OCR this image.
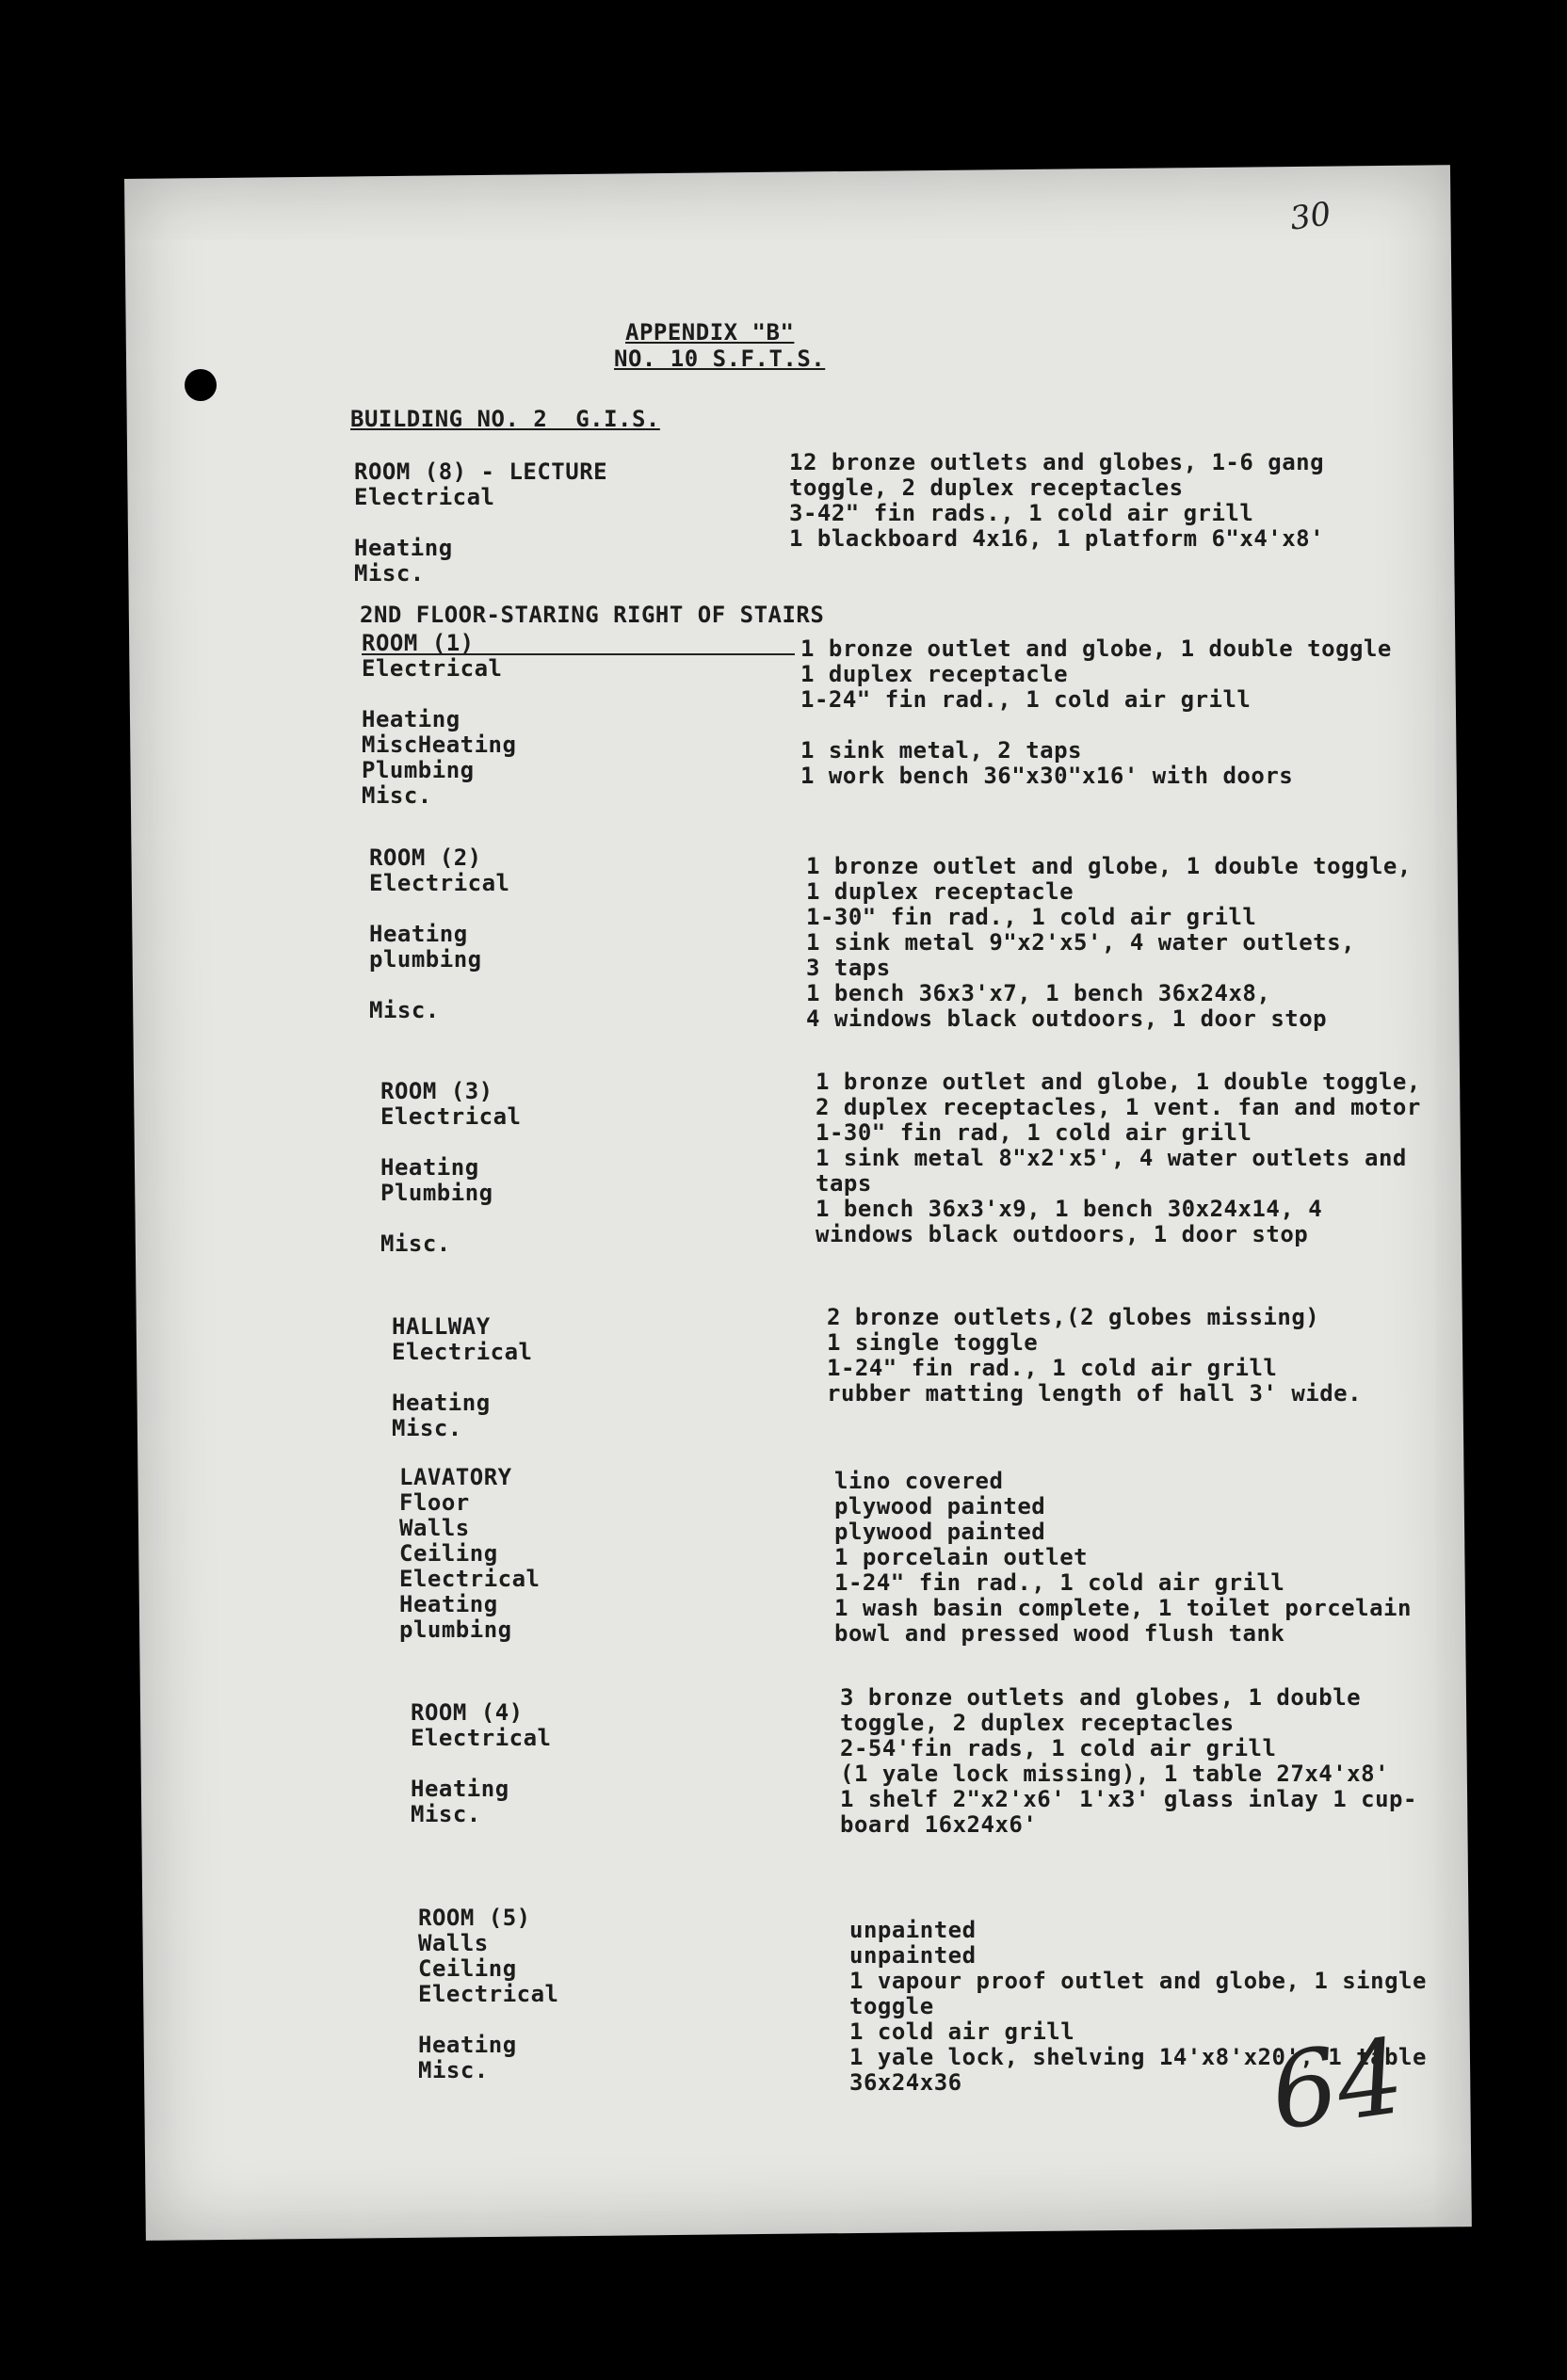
30
APPENDIX "B"
NO. 10 S.F.T.S.
BUILDING NO. 2  G.I.S.
ROOM (8) - LECTURE
Electrical

Heating
Misc.
12 bronze outlets and globes, 1-6 gang
toggle, 2 duplex receptacles
3-42" fin rads., 1 cold air grill
1 blackboard 4x16, 1 platform 6"x4'x8'
2ND FLOOR-STARING RIGHT OF STAIRS
ROOM (1)
Electrical

Heating
MiscHeating
Plumbing
Misc.
1 bronze outlet and globe, 1 double toggle
1 duplex receptacle
1-24" fin rad., 1 cold air grill

1 sink metal, 2 taps
1 work bench 36"x30"x16' with doors
ROOM (2)
Electrical

Heating
plumbing

Misc.

1 bronze outlet and globe, 1 double toggle,
1 duplex receptacle
1-30" fin rad., 1 cold air grill
1 sink metal 9"x2'x5', 4 water outlets,
3 taps
1 bench 36x3'x7, 1 bench 36x24x8,
4 windows black outdoors, 1 door stop
ROOM (3)
Electrical

Heating
Plumbing

Misc.
1 bronze outlet and globe, 1 double toggle,
2 duplex receptacles, 1 vent. fan and motor
1-30" fin rad, 1 cold air grill
1 sink metal 8"x2'x5', 4 water outlets and
taps
1 bench 36x3'x9, 1 bench 30x24x14, 4
windows black outdoors, 1 door stop
HALLWAY
Electrical

Heating
Misc.
2 bronze outlets,(2 globes missing)
1 single toggle
1-24" fin rad., 1 cold air grill
rubber matting length of hall 3' wide.
LAVATORY
Floor
Walls
Ceiling
Electrical
Heating
plumbing
lino covered
plywood painted
plywood painted
1 porcelain outlet
1-24" fin rad., 1 cold air grill
1 wash basin complete, 1 toilet porcelain
bowl and pressed wood flush tank
ROOM (4)
Electrical

Heating
Misc.
3 bronze outlets and globes, 1 double
toggle, 2 duplex receptacles
2-54'fin rads, 1 cold air grill
(1 yale lock missing), 1 table 27x4'x8'
1 shelf 2"x2'x6' 1'x3' glass inlay 1 cup-
board 16x24x6'
ROOM (5)
Walls
Ceiling
Electrical

Heating
Misc.

unpainted
unpainted
1 vapour proof outlet and globe, 1 single
toggle
1 cold air grill
1 yale lock, shelving 14'x8'x20', 1 table
36x24x36	64
